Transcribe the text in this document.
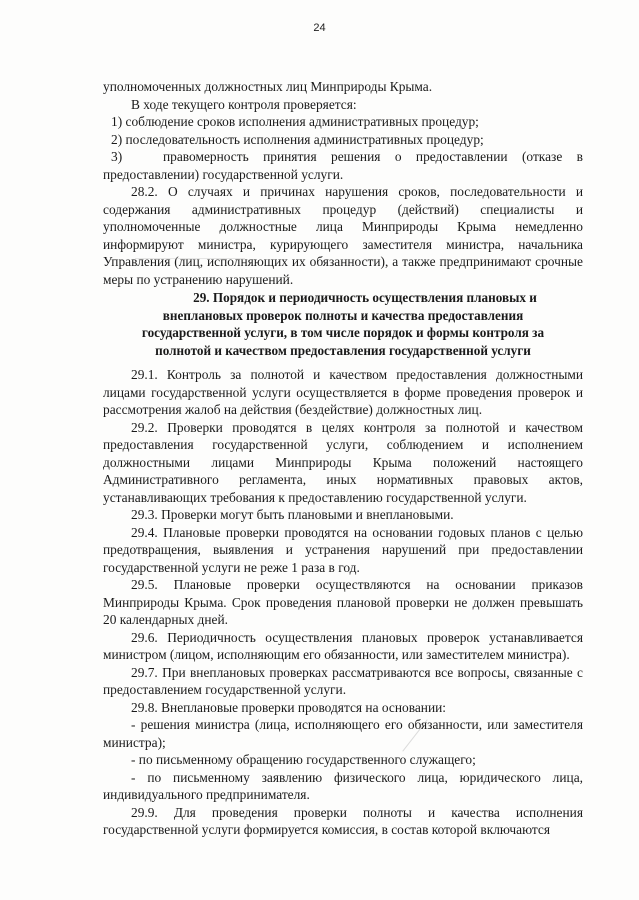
24

уполномоченных должностных лиц Минприроды Крыма.

В ходе текущего контроля проверяется:

1) соблюдение сроков исполнения административных процедур;

2) последовательность исполнения административных процедур;

3)	правомерность принятия решения о предоставлении (отказе в

предоставлении) государственной услуги.

28.2. О случаях и причинах нарушения сроков, последовательности и содержания административных процедур (действий) специалисты и уполномоченные должностные лица Минприроды Крыма немедленно информируют министра, курирующего заместителя министра, начальника Управления (лиц, исполняющих их обязанности), а также предпринимают срочные меры по устранению нарушений.

29. Порядок и периодичность осуществления плановых и
внеплановых проверок полноты и качества предоставления
государственной услуги, в том числе порядок и формы контроля за
полнотой и качеством предоставления государственной услуги

29.1. Контроль за полнотой и качеством предоставления должностными лицами государственной услуги осуществляется в форме проведения проверок и рассмотрения жалоб на действия (бездействие) должностных лиц.

29.2. Проверки проводятся в целях контроля за полнотой и качеством предоставления государственной услуги, соблюдением и исполнением должностными лицами Минприроды Крыма положений настоящего Административного регламента, иных нормативных правовых актов, устанавливающих требования к предоставлению государственной услуги.

29.3. Проверки могут быть плановыми и внеплановыми.

29.4. Плановые проверки проводятся на основании годовых планов с целью предотвращения, выявления и устранения нарушений при предоставлении государственной услуги не реже 1 раза в год.

29.5. Плановые проверки осуществляются на основании приказов Минприроды Крыма. Срок проведения плановой проверки не должен превышать 20 календарных дней.

29.6. Периодичность осуществления плановых проверок устанавливается министром (лицом, исполняющим его обязанности, или заместителем министра).

29.7. При внеплановых проверках рассматриваются все вопросы, связанные с предоставлением государственной услуги.

29.8. Внеплановые проверки проводятся на основании:

- решения министра (лица, исполняющего его обязанности, или заместителя министра);

- по письменному обращению государственного служащего;

- по письменному заявлению физического лица, юридического лица, индивидуального предпринимателя.

29.9. Для проведения проверки полноты и качества исполнения государственной услуги формируется комиссия, в состав которой включаются
